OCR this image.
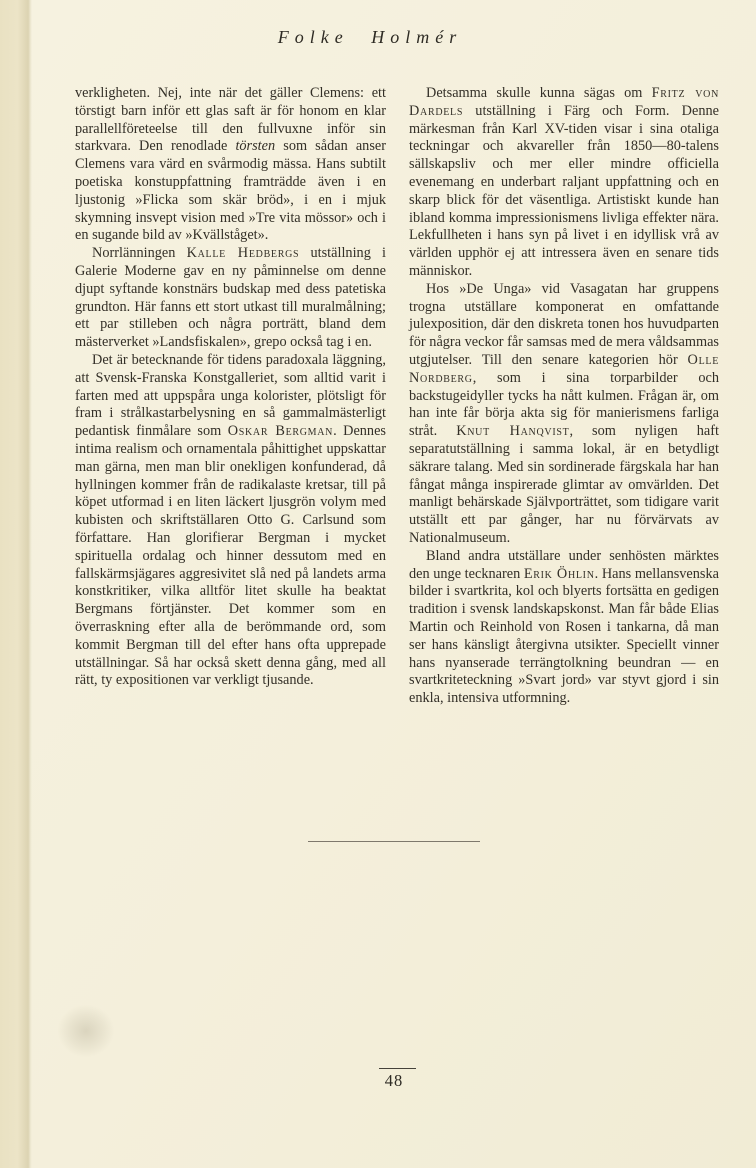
Folke Holmér

verkligheten. Nej, inte när det gäller Clemens: ett törstigt barn inför ett glas saft är för honom en klar parallellföreteelse till den fullvuxne inför sin starkvara. Den renodlade törsten som sådan anser Clemens vara värd en svårmodig mässa. Hans subtilt poetiska konstuppfattning framträdde även i en ljustonig »Flicka som skär bröd», i en i mjuk skymning insvept vision med »Tre vita mössor» och i en sugande bild av »Kvällståget».

Norrlänningen Kalle Hedbergs utställning i Galerie Moderne gav en ny påminnelse om denne djupt syftande konstnärs budskap med dess patetiska grundton. Här fanns ett stort utkast till muralmålning; ett par stilleben och några porträtt, bland dem mästerverket »Landsfiskalen», grepo också tag i en.

Det är betecknande för tidens paradoxala läggning, att Svensk-Franska Konstgalleriet, som alltid varit i farten med att uppspåra unga kolorister, plötsligt för fram i strålkastarbelysning en så gammalmästerligt pedantisk finmålare som Oskar Bergman. Dennes intima realism och ornamentala påhittighet uppskattar man gärna, men man blir onekligen konfunderad, då hyllningen kommer från de radikalaste kretsar, till på köpet utformad i en liten läckert ljusgrön volym med kubisten och skriftställaren Otto G. Carlsund som författare. Han glorifierar Bergman i mycket spirituella ordalag och hinner dessutom med en fallskärmsjägares aggresivitet slå ned på landets arma konstkritiker, vilka alltför litet skulle ha beaktat Bergmans förtjänster. Det kommer som en överraskning efter alla de berömmande ord, som kommit Bergman till del efter hans ofta upprepade utställningar. Så har också skett denna gång, med all rätt, ty expositionen var verkligt tjusande.

Detsamma skulle kunna sägas om Fritz von Dardels utställning i Färg och Form. Denne märkesman från Karl XV-tiden visar i sina otaliga teckningar och akvareller från 1850—80-talens sällskapsliv och mer eller mindre officiella evenemang en underbart raljant uppfattning och en skarp blick för det väsentliga. Artistiskt kunde han ibland komma impressionismens livliga effekter nära. Lekfullheten i hans syn på livet i en idyllisk vrå av världen upphör ej att intressera även en senare tids människor.

Hos »De Unga» vid Vasagatan har gruppens trogna utställare komponerat en omfattande julexposition, där den diskreta tonen hos huvudparten för några veckor får samsas med de mera våldsammas utgjutelser. Till den senare kategorien hör Olle Nordberg, som i sina torparbilder och backstugeidyller tycks ha nått kulmen. Frågan är, om han inte får börja akta sig för manierismens farliga stråt. Knut Hanqvist, som nyligen haft separatutställning i samma lokal, är en betydligt säkrare talang. Med sin sordinerade färgskala har han fångat många inspirerade glimtar av omvärlden. Det manligt behärskade Självporträttet, som tidigare varit utställt ett par gånger, har nu förvärvats av Nationalmuseum.

Bland andra utställare under senhösten märktes den unge tecknaren Erik Öhlin. Hans mellansvenska bilder i svartkrita, kol och blyerts fortsätta en gedigen tradition i svensk landskapskonst. Man får både Elias Martin och Reinhold von Rosen i tankarna, då man ser hans känsligt återgivna utsikter. Speciellt vinner hans nyanserade terrängtolkning beundran — en svartkriteteckning »Svart jord» var styvt gjord i sin enkla, intensiva utformning.

48
